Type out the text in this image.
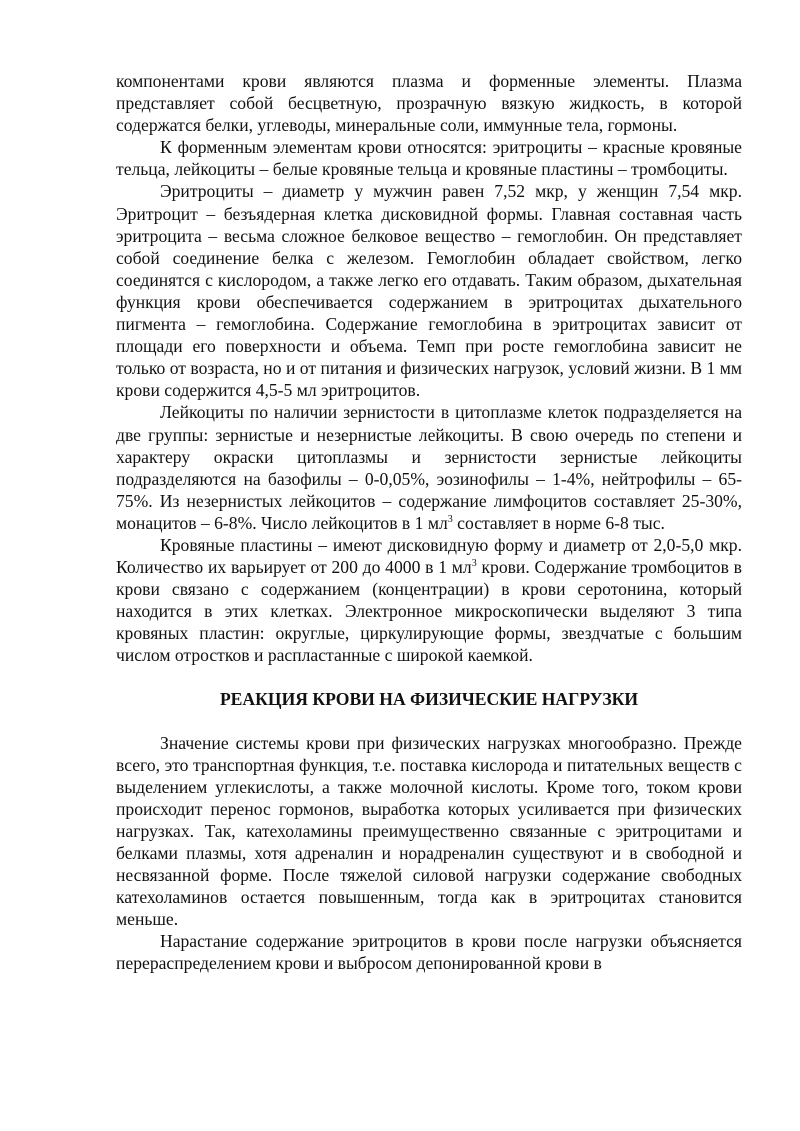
компонентами крови являются плазма и форменные элементы. Плазма представляет собой бесцветную, прозрачную вязкую жидкость, в которой содержатся белки, углеводы, минеральные соли, иммунные тела, гормоны.

К форменным элементам крови относятся: эритроциты – красные кровяные тельца, лейкоциты – белые кровяные тельца и кровяные пластины – тромбоциты.

Эритроциты – диаметр у мужчин равен 7,52 мкр, у женщин 7,54 мкр. Эритроцит – безъядерная клетка дисковидной формы. Главная составная часть эритроцита – весьма сложное белковое вещество – гемоглобин. Он представляет собой соединение белка с железом. Гемоглобин обладает свойством, легко соединятся с кислородом, а также легко его отдавать. Таким образом, дыхательная функция крови обеспечивается содержанием в эритроцитах дыхательного пигмента – гемоглобина. Содержание гемоглобина в эритроцитах зависит от площади его поверхности и объема. Темп при росте гемоглобина зависит не только от возраста, но и от питания и физических нагрузок, условий жизни. В 1 мм крови содержится 4,5-5 мл эритроцитов.

Лейкоциты по наличии зернистости в цитоплазме клеток подразделяется на две группы: зернистые и незернистые лейкоциты. В свою очередь по степени и характеру окраски цитоплазмы и зернистости зернистые лейкоциты подразделяются на базофилы – 0-0,05%, эозинофилы – 1-4%, нейтрофилы – 65-75%. Из незернистых лейкоцитов – содержание лимфоцитов составляет 25-30%, монацитов – 6-8%. Число лейкоцитов в 1 $мл^3$ составляет в норме 6-8 тыс.

Кровяные пластины – имеют дисковидную форму и диаметр от 2,0-5,0 мкр. Количество их варьирует от 200 до 4000 в 1 $мл^3$ крови. Содержание тромбоцитов в крови связано с содержанием (концентрации) в крови серотонина, который находится в этих клетках. Электронное микроскопически выделяют 3 типа кровяных пластин: округлые, циркулирующие формы, звездчатые с большим числом отростков и распластанные с широкой каемкой.

РЕАКЦИЯ КРОВИ НА ФИЗИЧЕСКИЕ НАГРУЗКИ

Значение системы крови при физических нагрузках многообразно. Прежде всего, это транспортная функция, т.е. поставка кислорода и питательных веществ с выделением углекислоты, а также молочной кислоты. Кроме того, током крови происходит перенос гормонов, выработка которых усиливается при физических нагрузках. Так, катехоламины преимущественно связанные с эритроцитами и белками плазмы, хотя адреналин и норадреналин существуют и в свободной и несвязанной форме. После тяжелой силовой нагрузки содержание свободных катехоламинов остается повышенным, тогда как в эритроцитах становится меньше.

Нарастание содержание эритроцитов в крови после нагрузки объясняется перераспределением крови и выбросом депонированной крови в
